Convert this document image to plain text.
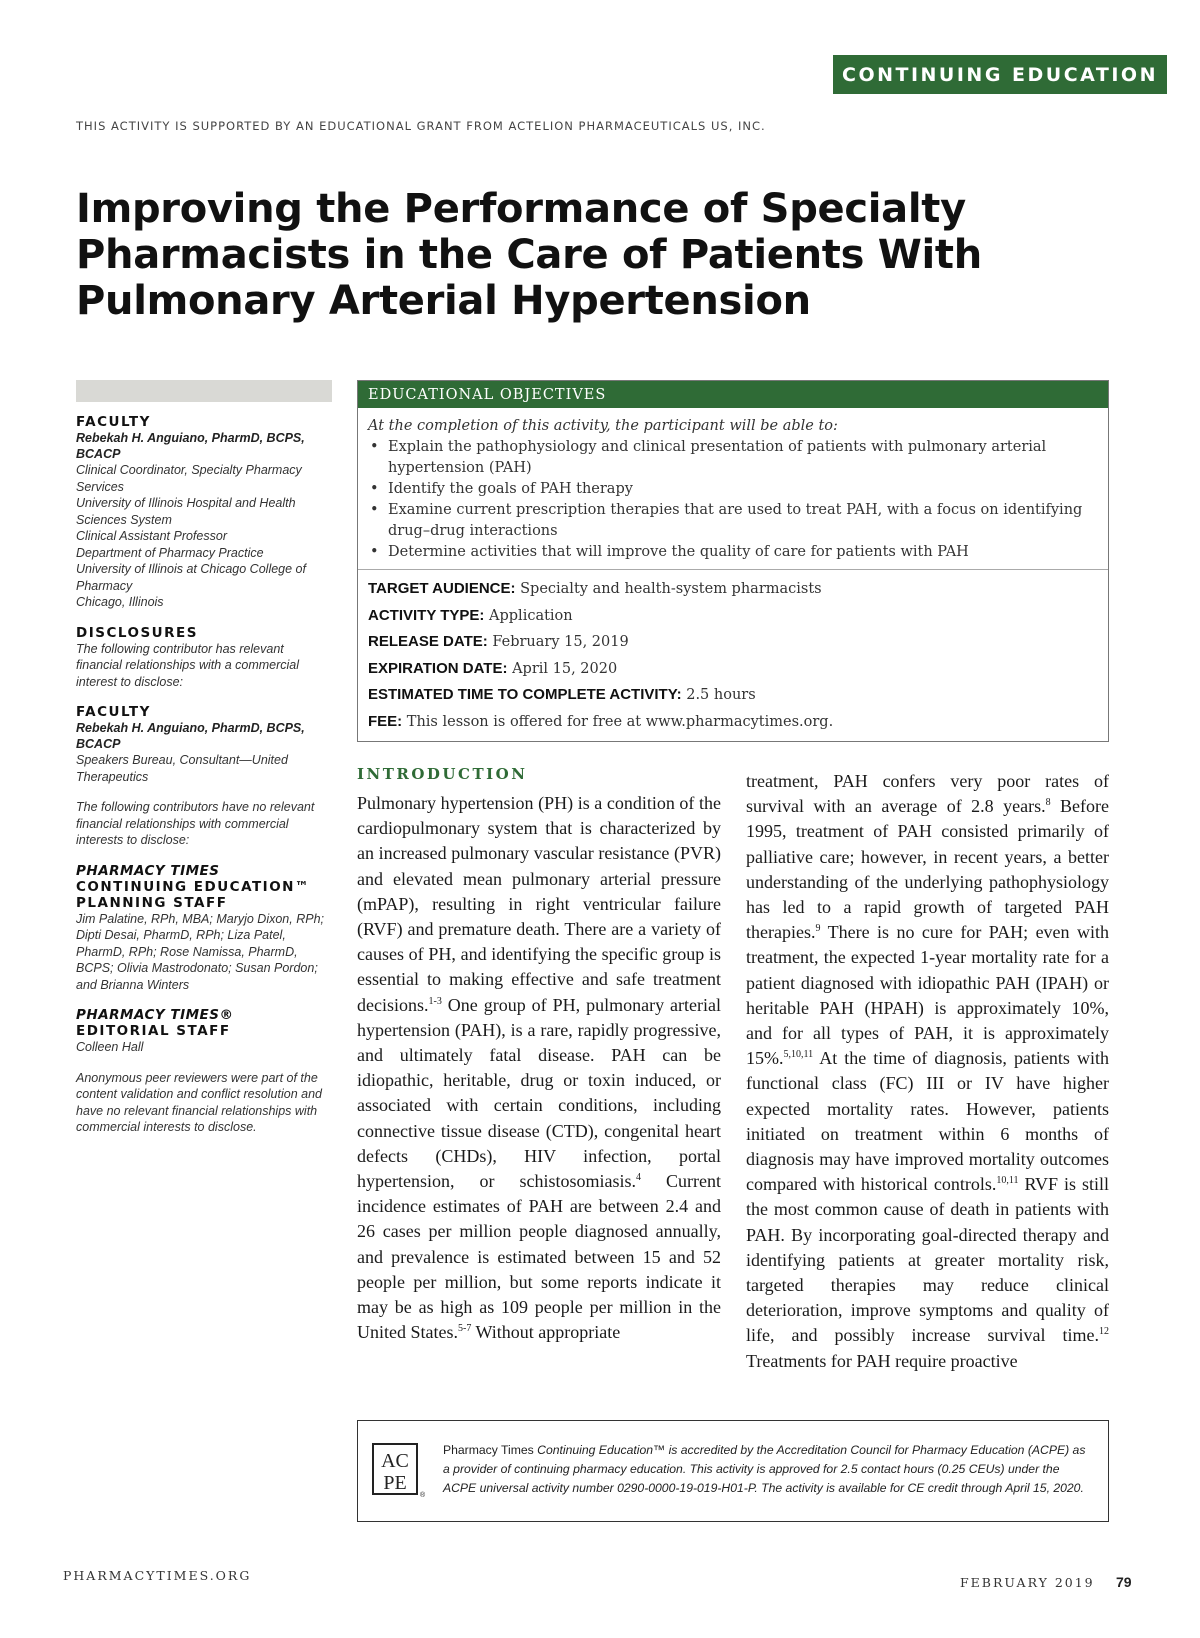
CONTINUING EDUCATION
THIS ACTIVITY IS SUPPORTED BY AN EDUCATIONAL GRANT FROM ACTELION PHARMACEUTICALS US, INC.
Improving the Performance of Specialty Pharmacists in the Care of Patients With Pulmonary Arterial Hypertension
FACULTY
Rebekah H. Anguiano, PharmD, BCPS, BCACP
Clinical Coordinator, Specialty Pharmacy Services
University of Illinois Hospital and Health Sciences System
Clinical Assistant Professor
Department of Pharmacy Practice
University of Illinois at Chicago College of Pharmacy
Chicago, Illinois
DISCLOSURES
The following contributor has relevant financial relationships with a commercial interest to disclose:
FACULTY
Rebekah H. Anguiano, PharmD, BCPS, BCACP
Speakers Bureau, Consultant—United Therapeutics
The following contributors have no relevant financial relationships with commercial interests to disclose:
PHARMACY TIMES
CONTINUING EDUCATION™ PLANNING STAFF
Jim Palatine, RPh, MBA; Maryjo Dixon, RPh; Dipti Desai, PharmD, RPh; Liza Patel, PharmD, RPh; Rose Namissa, PharmD, BCPS; Olivia Mastrodonato; Susan Pordon; and Brianna Winters
PHARMACY TIMES® EDITORIAL STAFF
Colleen Hall
Anonymous peer reviewers were part of the content validation and conflict resolution and have no relevant financial relationships with commercial interests to disclose.
EDUCATIONAL OBJECTIVES
At the completion of this activity, the participant will be able to:
• Explain the pathophysiology and clinical presentation of patients with pulmonary arterial hypertension (PAH)
• Identify the goals of PAH therapy
• Examine current prescription therapies that are used to treat PAH, with a focus on identifying drug–drug interactions
• Determine activities that will improve the quality of care for patients with PAH
TARGET AUDIENCE: Specialty and health-system pharmacists
ACTIVITY TYPE: Application
RELEASE DATE: February 15, 2019
EXPIRATION DATE: April 15, 2020
ESTIMATED TIME TO COMPLETE ACTIVITY: 2.5 hours
FEE: This lesson is offered for free at www.pharmacytimes.org.
INTRODUCTION

Pulmonary hypertension (PH) is a condition of the cardiopulmonary system that is characterized by an increased pulmonary vascular resistance (PVR) and elevated mean pulmonary arterial pressure (mPAP), resulting in right ventricular failure (RVF) and premature death. There are a variety of causes of PH, and identifying the specific group is essential to making effective and safe treatment decisions.$^{1-3}$ One group of PH, pulmonary arterial hypertension (PAH), is a rare, rapidly progressive, and ultimately fatal disease. PAH can be idiopathic, heritable, drug or toxin induced, or associated with certain conditions, including connective tissue disease (CTD), congenital heart defects (CHDs), HIV infection, portal hypertension, or schistosomiasis.$^4$ Current incidence estimates of PAH are between 2.4 and 26 cases per million people diagnosed annually, and prevalence is estimated between 15 and 52 people per million, but some reports indicate it may be as high as 109 people per million in the United States.$^{5-7}$ Without appropriate

treatment, PAH confers very poor rates of survival with an average of 2.8 years.$^8$ Before 1995, treatment of PAH consisted primarily of palliative care; however, in recent years, a better understanding of the underlying pathophysiology has led to a rapid growth of targeted PAH therapies.$^9$ There is no cure for PAH; even with treatment, the expected 1-year mortality rate for a patient diagnosed with idiopathic PAH (IPAH) or heritable PAH (HPAH) is approximately 10%, and for all types of PAH, it is approximately 15%.$^{5,10,11}$ At the time of diagnosis, patients with functional class (FC) III or IV have higher expected mortality rates. However, patients initiated on treatment within 6 months of diagnosis may have improved mortality outcomes compared with historical controls.$^{10,11}$ RVF is still the most common cause of death in patients with PAH. By incorporating goal-directed therapy and identifying patients at greater mortality risk, targeted therapies may reduce clinical deterioration, improve symptoms and quality of life, and possibly increase survival time.$^{12}$ Treatments for PAH require proactive

AC
PE
®
Pharmacy Times Continuing Education™ is accredited by the Accreditation Council for Pharmacy Education (ACPE) as a provider of continuing pharmacy education. This activity is approved for 2.5 contact hours (0.25 CEUs) under the ACPE universal activity number 0290-0000-19-019-H01-P. The activity is available for CE credit through April 15, 2020.
PHARMACYTIMES.ORG	FEBRUARY 2019 79
